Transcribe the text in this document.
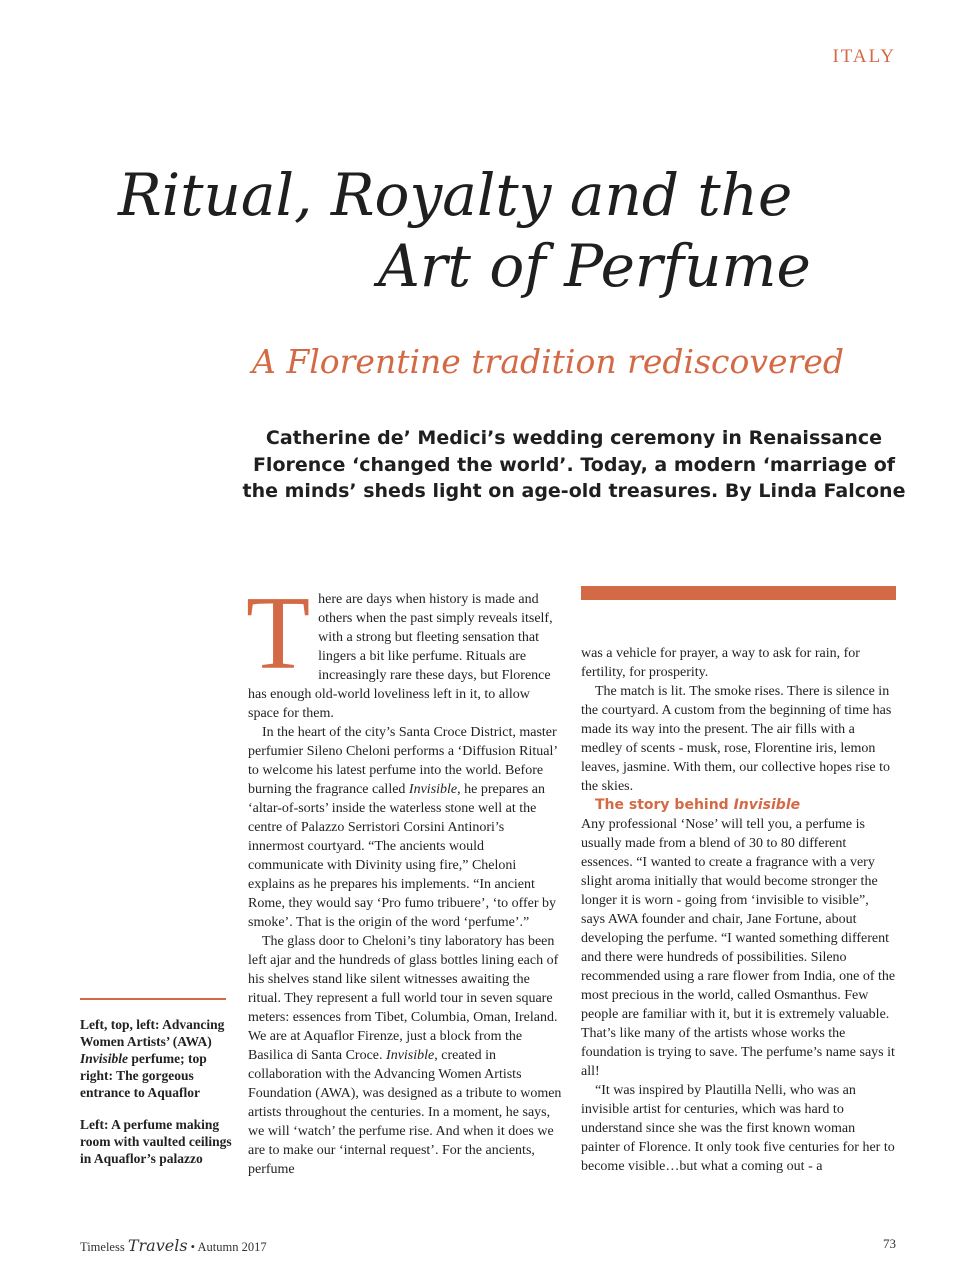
ITALY
Ritual, Royalty and the
Art of Perfume
A Florentine tradition rediscovered
Catherine de’ Medici’s wedding ceremony in Renaissance Florence ‘changed the world’. Today, a modern ‘marriage of the minds’ sheds light on age-old treasures. By Linda Falcone

There are days when history is made and others when the past simply reveals itself, with a strong but fleeting sensation that lingers a bit like perfume. Rituals are increasingly rare these days, but Florence has enough old-world loveliness left in it, to allow space for them.

In the heart of the city’s Santa Croce District, master perfumier Sileno Cheloni performs a ‘Diffusion Ritual’ to welcome his latest perfume into the world. Before burning the fragrance called Invisible, he prepares an ‘altar-of-sorts’ inside the waterless stone well at the centre of Palazzo Serristori Corsini Antinori’s innermost courtyard. “The ancients would communicate with Divinity using fire,” Cheloni explains as he prepares his implements. “In ancient Rome, they would say ‘Pro fumo tribuere’, ‘to offer by smoke’. That is the origin of the word ‘perfume’.”

The glass door to Cheloni’s tiny laboratory has been left ajar and the hundreds of glass bottles lining each of his shelves stand like silent witnesses awaiting the ritual. They represent a full world tour in seven square meters: essences from Tibet, Columbia, Oman, Ireland. We are at Aquaflor Firenze, just a block from the Basilica di Santa Croce. Invisible, created in collaboration with the Advancing Women Artists Foundation (AWA), was designed as a tribute to women artists throughout the centuries. In a moment, he says, we will ‘watch’ the perfume rise. And when it does we are to make our ‘internal request’. For the ancients, perfume

was a vehicle for prayer, a way to ask for rain, for fertility, for prosperity.

The match is lit. The smoke rises. There is silence in the courtyard. A custom from the beginning of time has made its way into the present. The air fills with a medley of scents - musk, rose, Florentine iris, lemon leaves, jasmine. With them, our collective hopes rise to the skies.

The story behind Invisible

Any professional ‘Nose’ will tell you, a perfume is usually made from a blend of 30 to 80 different essences. “I wanted to create a fragrance with a very slight aroma initially that would become stronger the longer it is worn - going from ‘invisible to visible”, says AWA founder and chair, Jane Fortune, about developing the perfume. “I wanted something different and there were hundreds of possibilities. Sileno recommended using a rare flower from India, one of the most precious in the world, called Osmanthus. Few people are familiar with it, but it is extremely valuable. That’s like many of the artists whose works the foundation is trying to save. The perfume’s name says it all!

“It was inspired by Plautilla Nelli, who was an invisible artist for centuries, which was hard to understand since she was the first known woman painter of Florence. It only took five centuries for her to become visible…but what a coming out - a

Left, top, left: Advancing Women Artists’ (AWA) Invisible perfume; top right: The gorgeous entrance to Aquaflor

Left: A perfume making room with vaulted ceilings in Aquaflor’s palazzo

Timeless Travels • Autumn 2017	73
